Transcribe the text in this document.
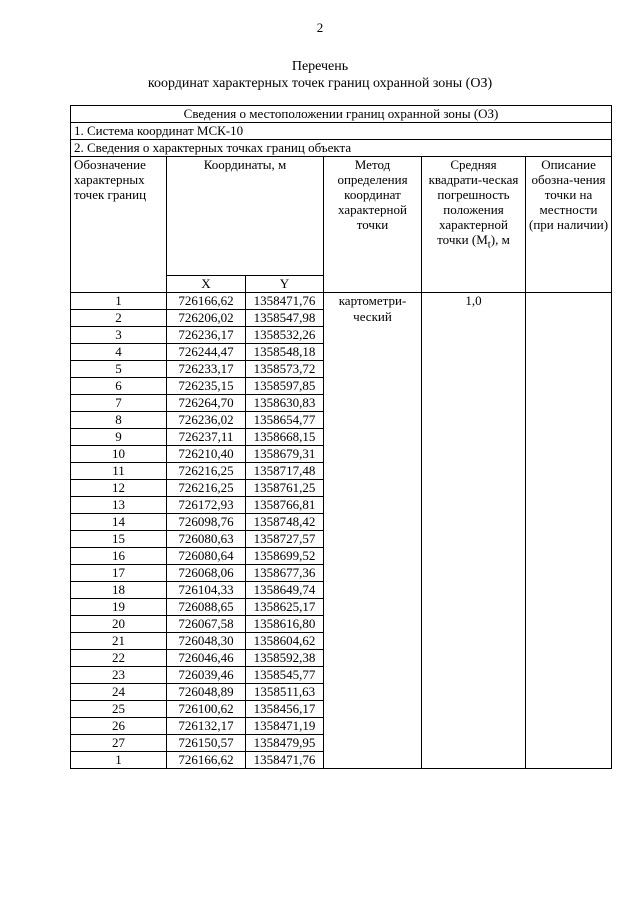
2
Перечень
координат характерных точек границ охранной зоны (ОЗ)
Сведения о местоположении границ охранной зоны (ОЗ)					
1. Система координат МСК-10					
2. Сведения о характерных точках границ объекта					
Обозначение характерных точек границ	Координаты, м		Метод определения координат характерной точки	Средняя квадрати-ческая погрешность положения характерной точки $(M_t)$, м	Описание обозна-чения точки на местности (при наличии)
	X	Y			
1	726166,62	1358471,76	картометри-ческий	1,0	
2	726206,02	1358547,98			
3	726236,17	1358532,26			
4	726244,47	1358548,18			
5	726233,17	1358573,72			
6	726235,15	1358597,85			
7	726264,70	1358630,83			
8	726236,02	1358654,77			
9	726237,11	1358668,15			
10	726210,40	1358679,31			
11	726216,25	1358717,48			
12	726216,25	1358761,25			
13	726172,93	1358766,81			
14	726098,76	1358748,42			
15	726080,63	1358727,57			
16	726080,64	1358699,52			
17	726068,06	1358677,36			
18	726104,33	1358649,74			
19	726088,65	1358625,17			
20	726067,58	1358616,80			
21	726048,30	1358604,62			
22	726046,46	1358592,38			
23	726039,46	1358545,77			
24	726048,89	1358511,63			
25	726100,62	1358456,17			
26	726132,17	1358471,19			
27	726150,57	1358479,95			
1	726166,62	1358471,76			
